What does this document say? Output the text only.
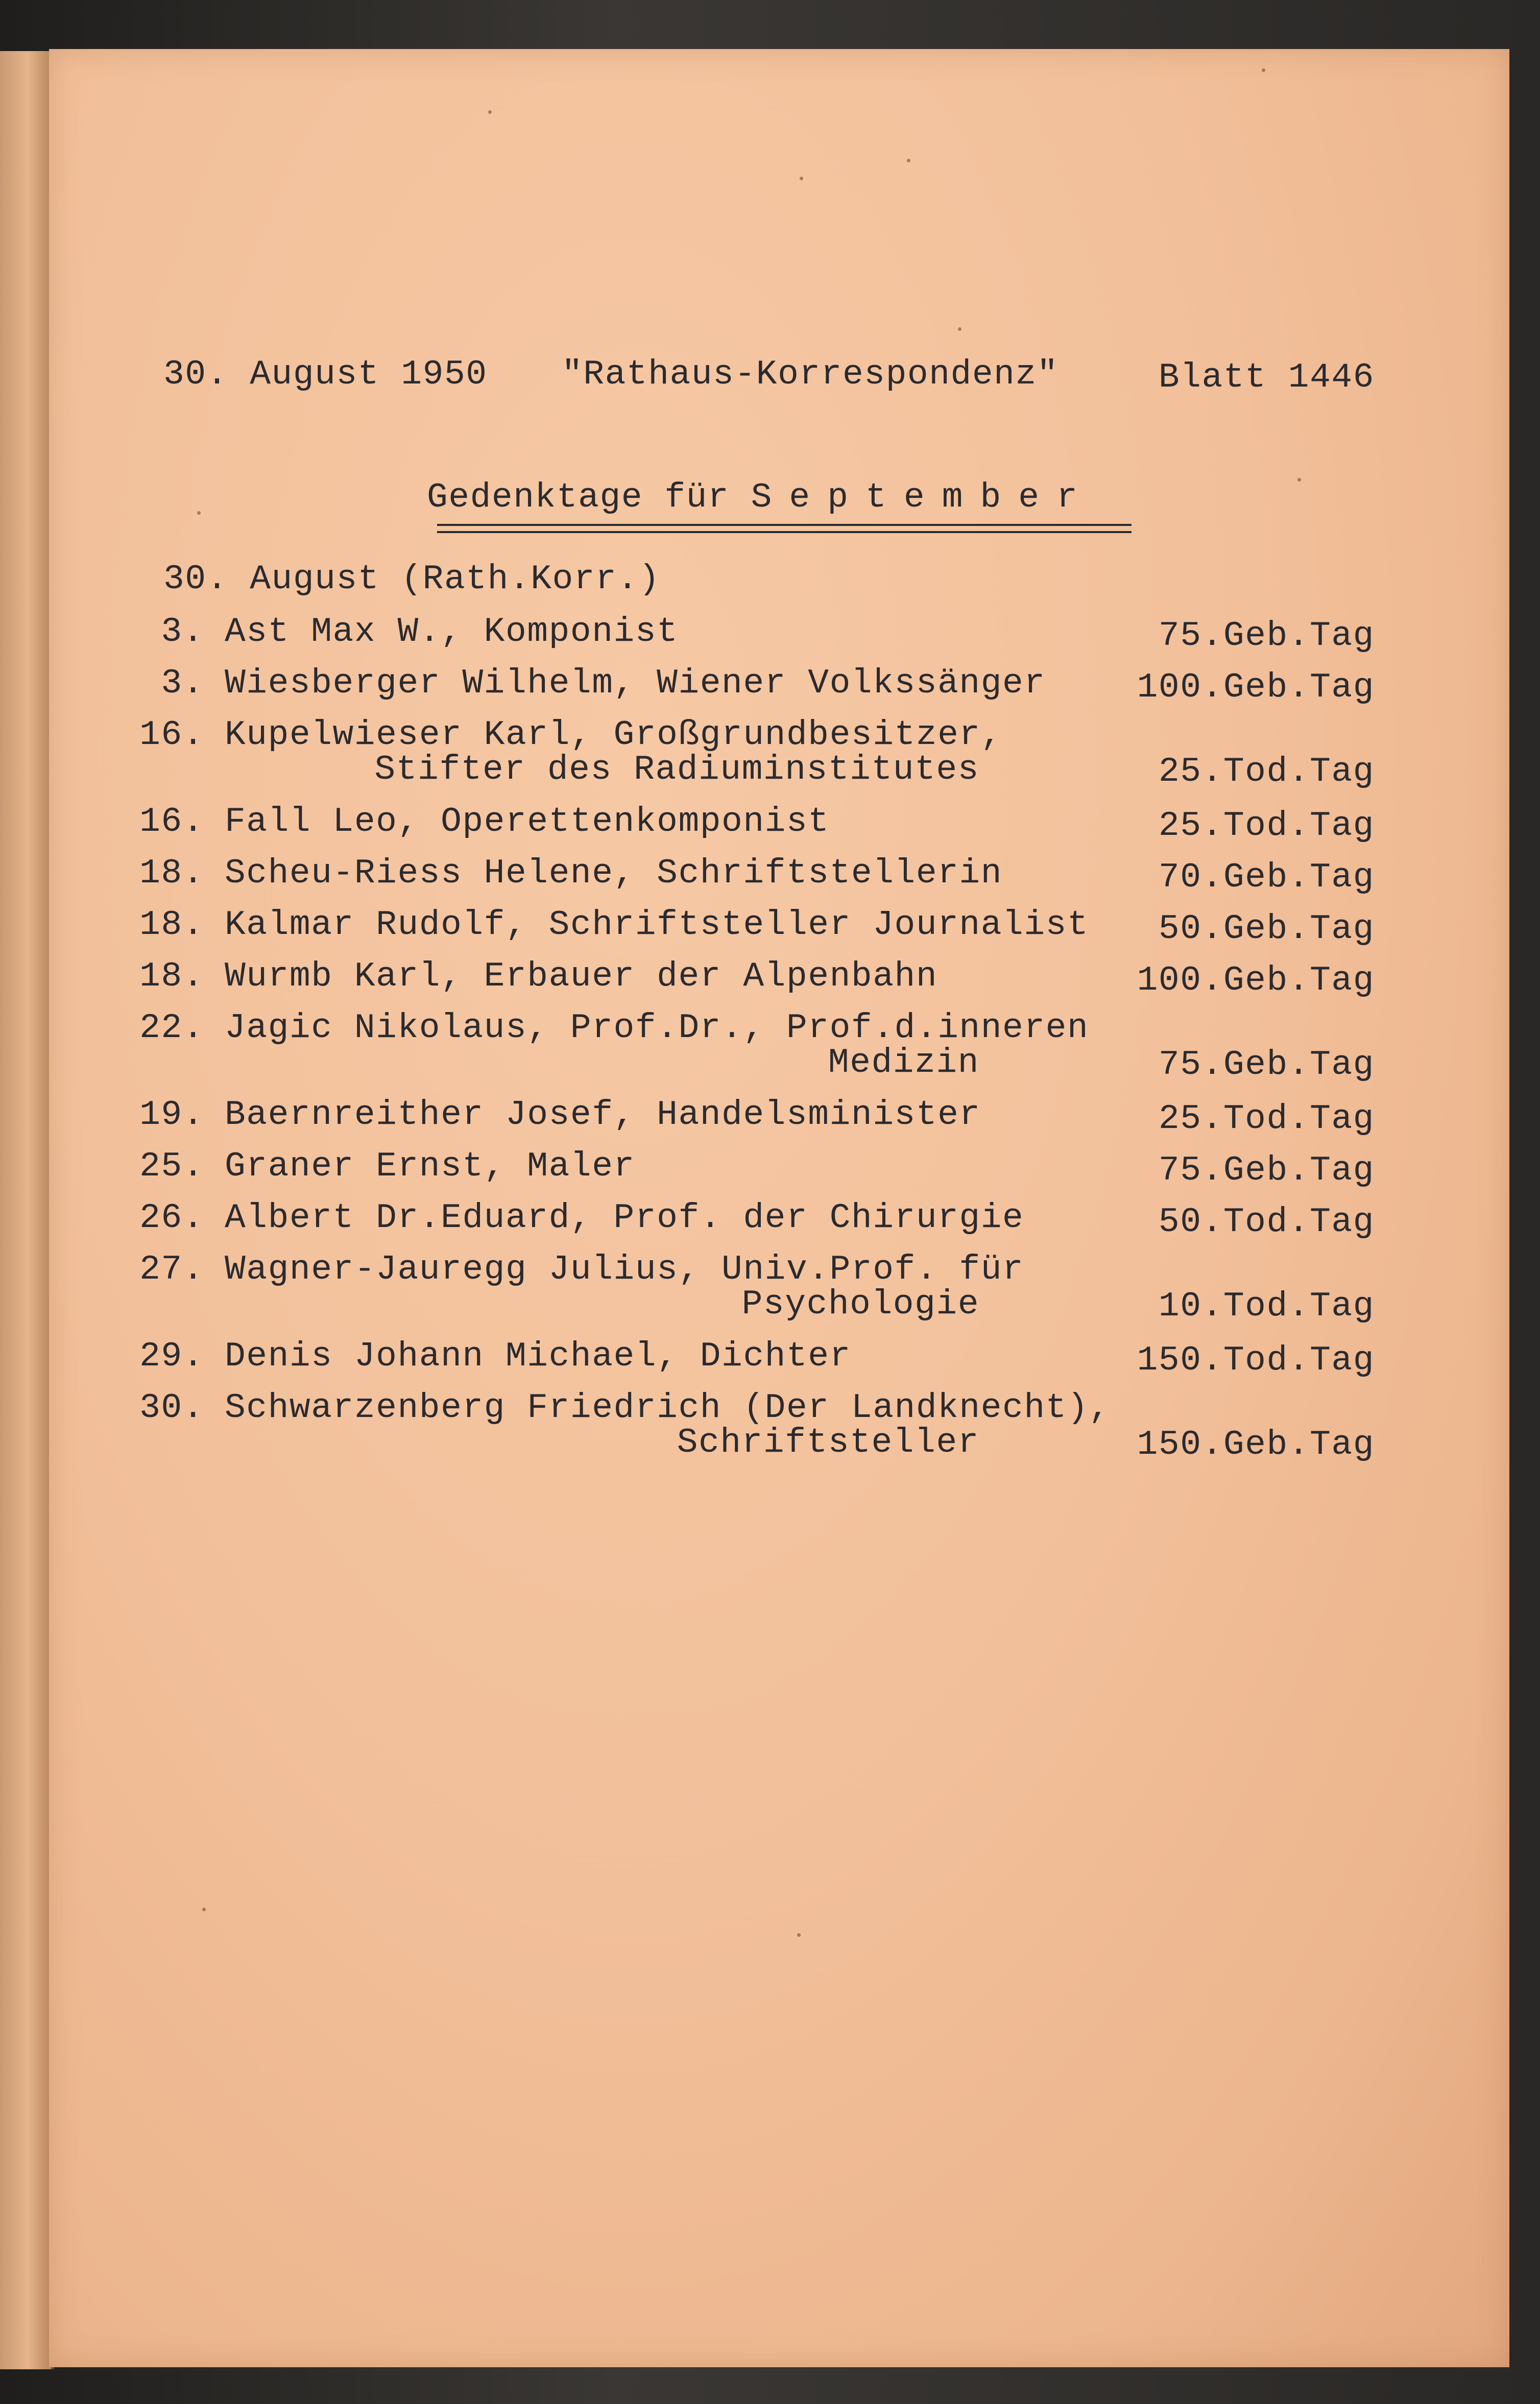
30. August 1950 "Rathaus-Korrespondenz"	Blatt 1446
Gedenktage für September
30. August (Rath.Korr.)
3. Ast Max W., Komponist	75.Geb.Tag
3. Wiesberger Wilhelm, Wiener Volkssänger	100.Geb.Tag
16. Kupelwieser Karl, Großgrundbesitzer,
Stifter des Radiuminstitutes	25.Tod.Tag
16. Fall Leo, Operettenkomponist	25.Tod.Tag
18. Scheu-Riess Helene, Schriftstellerin	70.Geb.Tag
18. Kalmar Rudolf, Schriftsteller Journalist 50.Geb.Tag
18. Wurmb Karl, Erbauer der Alpenbahn	100.Geb.Tag
22. Jagic Nikolaus, Prof.Dr., Prof.d.inneren
Medizin	75.Geb.Tag
19. Baernreither Josef, Handelsminister	25.Tod.Tag
25. Graner Ernst, Maler	75.Geb.Tag
26. Albert Dr.Eduard, Prof. der Chirurgie	50.Tod.Tag
27. Wagner-Jauregg Julius, Univ.Prof. für
Psychologie	10.Tod.Tag
29. Denis Johann Michael, Dichter	150.Tod.Tag
30. Schwarzenberg Friedrich (Der Landknecht),
Schriftsteller	150.Geb.Tag
